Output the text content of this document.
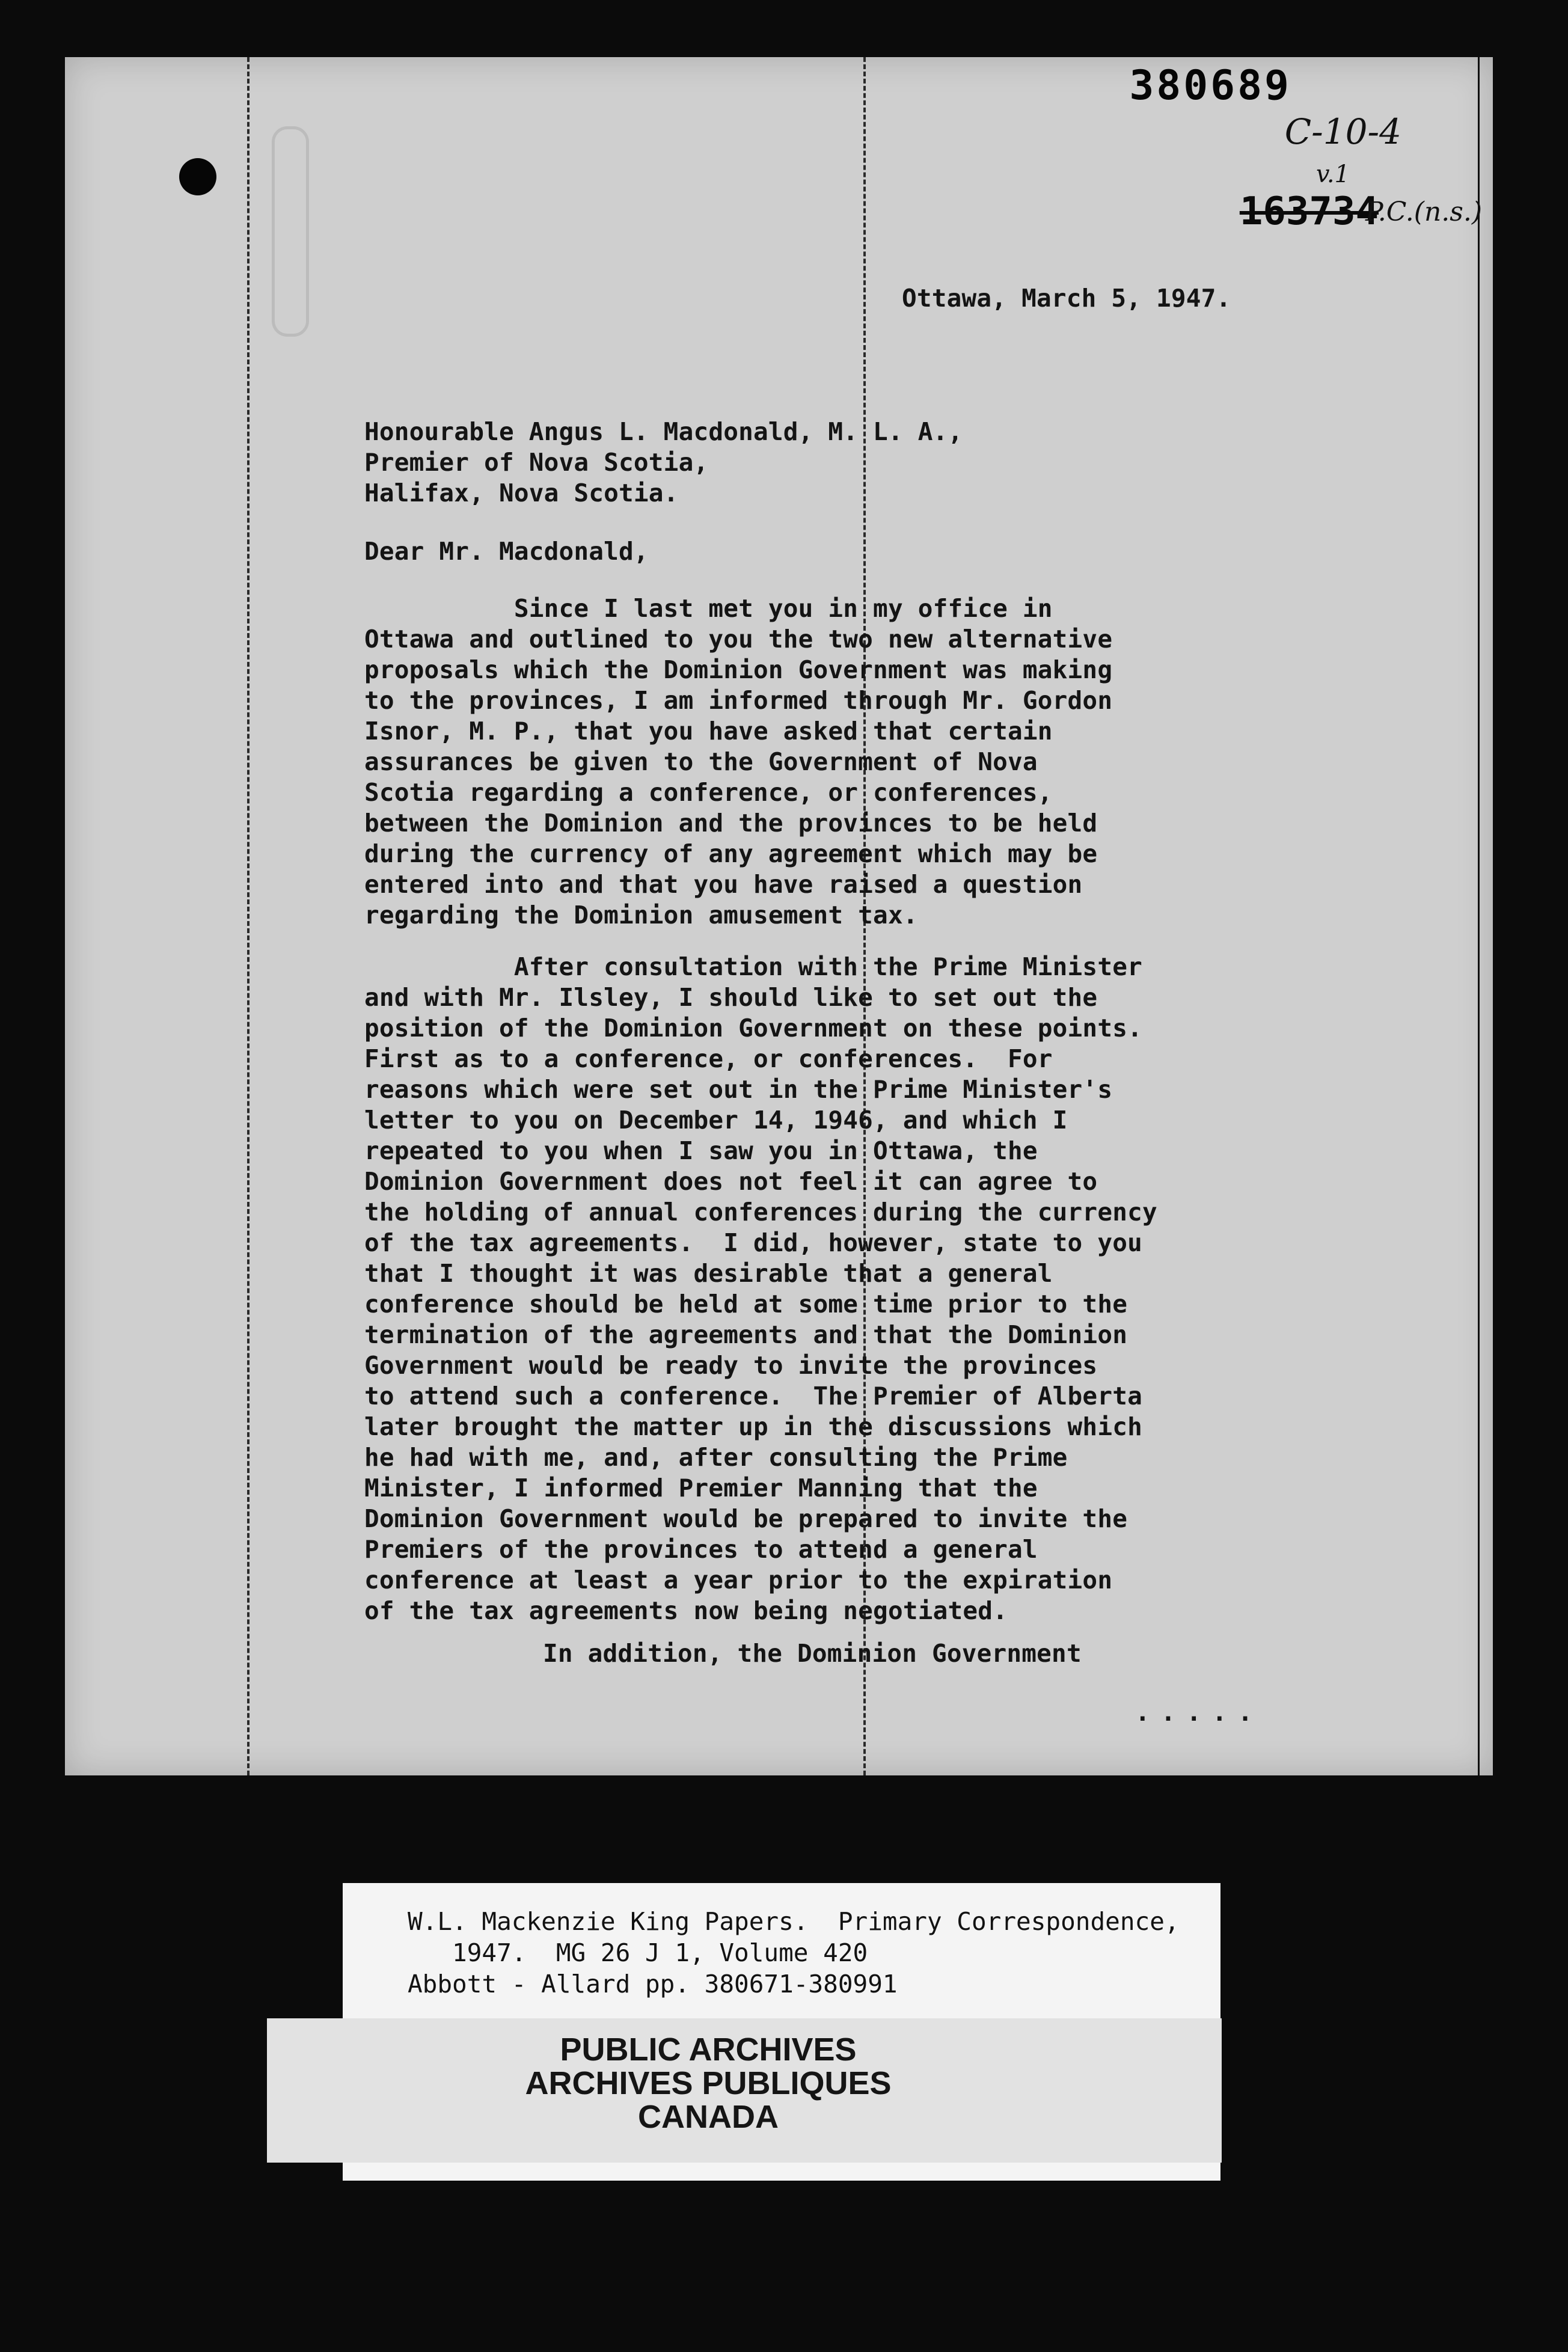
380689
C-10-4
v.1
163734
P.C.(n.s.)
Ottawa, March 5, 1947.
Honourable Angus L. Macdonald, M. L. A.,
Premier of Nova Scotia,
Halifax, Nova Scotia.
Dear Mr. Macdonald,
Since I last met you in my office in
Ottawa and outlined to you the two new alternative
proposals which the Dominion Government was making
to the provinces, I am informed through Mr. Gordon
Isnor, M. P., that you have asked that certain
assurances be given to the Government of Nova
Scotia regarding a conference, or conferences,
between the Dominion and the provinces to be held
during the currency of any agreement which may be
entered into and that you have raised a question
regarding the Dominion amusement tax.
After consultation with the Prime Minister
and with Mr. Ilsley, I should like to set out the
position of the Dominion Government on these points.
First as to a conference, or conferences.  For
reasons which were set out in the Prime Minister's
letter to you on December 14, 1946, and which I
repeated to you when I saw you in Ottawa, the
Dominion Government does not feel it can agree to
the holding of annual conferences during the currency
of the tax agreements.  I did, however, state to you
that I thought it was desirable that a general
conference should be held at some time prior to the
termination of the agreements and that the Dominion
Government would be ready to invite the provinces
to attend such a conference.  The Premier of Alberta
later brought the matter up in the discussions which
he had with me, and, after consulting the Prime
Minister, I informed Premier Manning that the
Dominion Government would be prepared to invite the
Premiers of the provinces to attend a general
conference at least a year prior to the expiration
of the tax agreements now being negotiated.
In addition, the Dominion Government
.....
W.L. Mackenzie King Papers.  Primary Correspondence,
1947.  MG 26 J 1, Volume 420
Abbott - Allard pp. 380671-380991
PUBLIC ARCHIVES
ARCHIVES PUBLIQUES
CANADA
